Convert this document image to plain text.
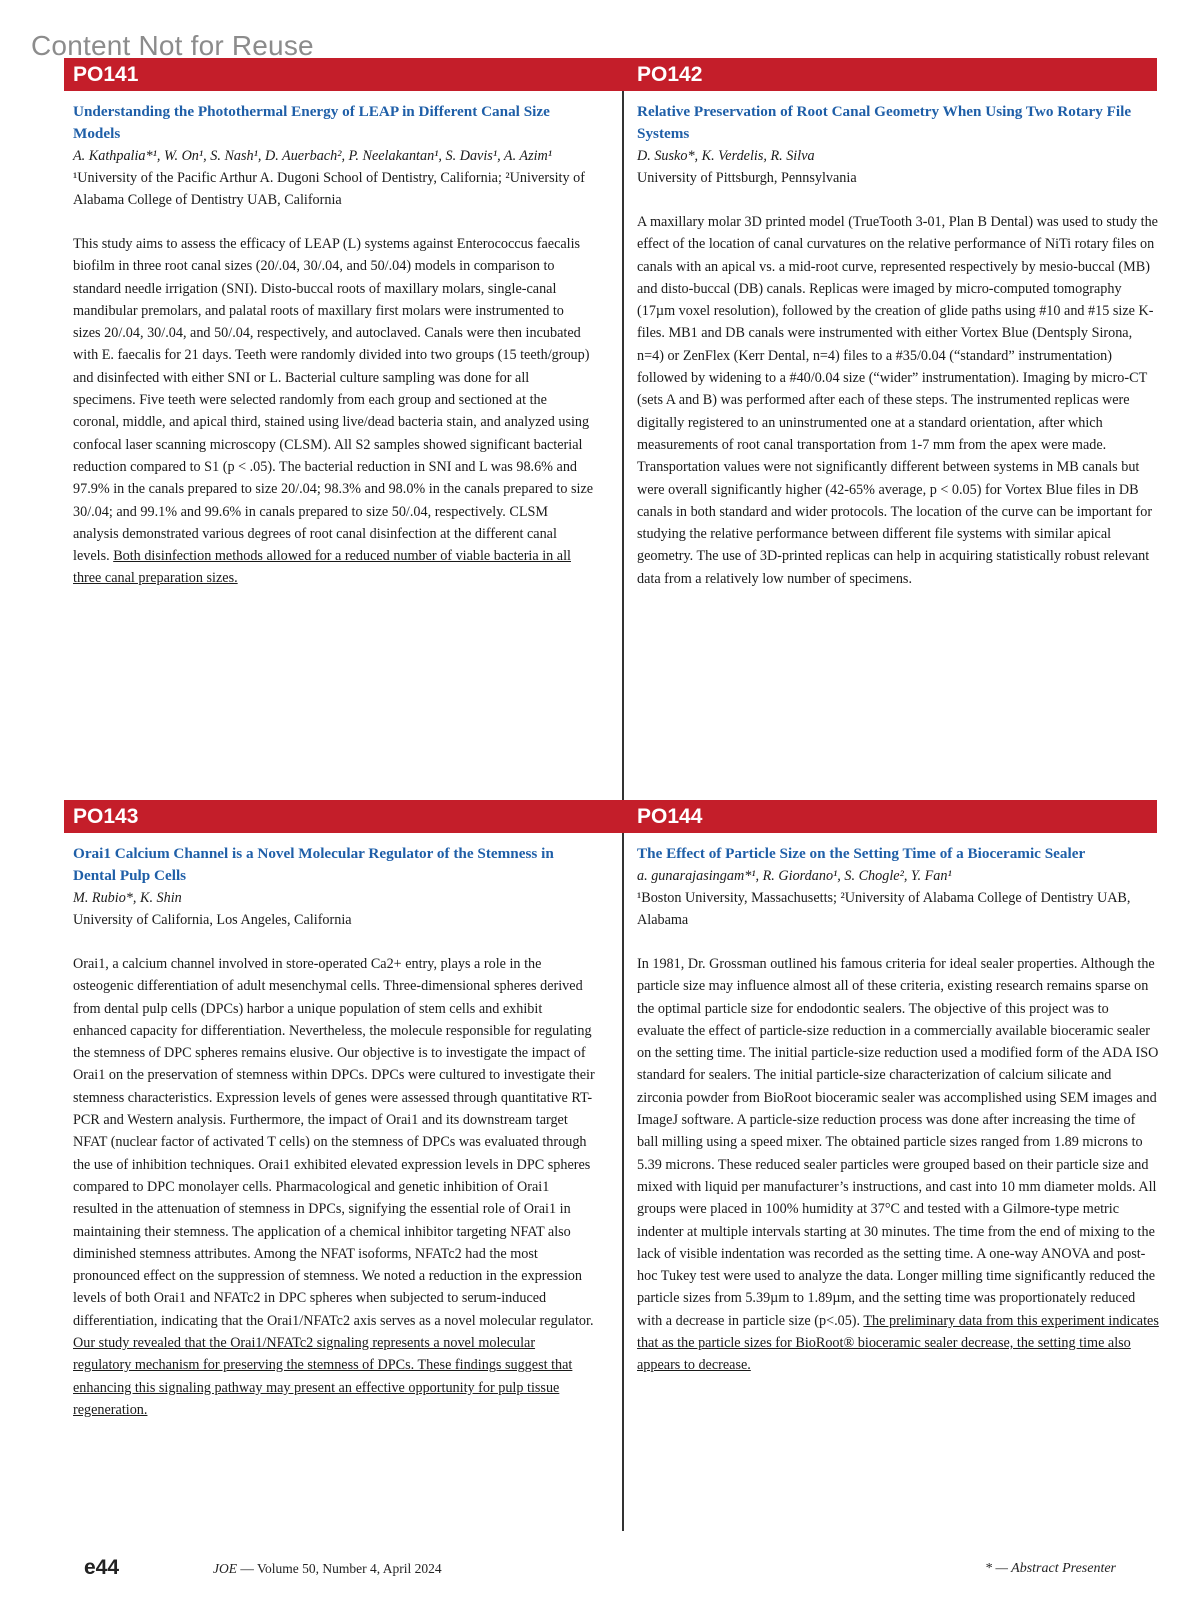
Content Not for Reuse
PO141
Understanding the Photothermal Energy of LEAP in Different Canal Size Models
A. Kathpalia*¹, W. On¹, S. Nash¹, D. Auerbach², P. Neelakantan¹, S. Davis¹, A. Azim¹
¹University of the Pacific Arthur A. Dugoni School of Dentistry, California; ²University of Alabama College of Dentistry UAB, California
This study aims to assess the efficacy of LEAP (L) systems against Enterococcus faecalis biofilm in three root canal sizes (20/.04, 30/.04, and 50/.04) models in comparison to standard needle irrigation (SNI). Disto-buccal roots of maxillary molars, single-canal mandibular premolars, and palatal roots of maxillary first molars were instrumented to sizes 20/.04, 30/.04, and 50/.04, respectively, and autoclaved. Canals were then incubated with E. faecalis for 21 days. Teeth were randomly divided into two groups (15 teeth/group) and disinfected with either SNI or L. Bacterial culture sampling was done for all specimens. Five teeth were selected randomly from each group and sectioned at the coronal, middle, and apical third, stained using live/dead bacteria stain, and analyzed using confocal laser scanning microscopy (CLSM). All S2 samples showed significant bacterial reduction compared to S1 (p < .05). The bacterial reduction in SNI and L was 98.6% and 97.9% in the canals prepared to size 20/.04; 98.3% and 98.0% in the canals prepared to size 30/.04; and 99.1% and 99.6% in canals prepared to size 50/.04, respectively. CLSM analysis demonstrated various degrees of root canal disinfection at the different canal levels. Both disinfection methods allowed for a reduced number of viable bacteria in all three canal preparation sizes.
PO142
Relative Preservation of Root Canal Geometry When Using Two Rotary File Systems
D. Susko*, K. Verdelis, R. Silva
University of Pittsburgh, Pennsylvania
A maxillary molar 3D printed model (TrueTooth 3-01, Plan B Dental) was used to study the effect of the location of canal curvatures on the relative performance of NiTi rotary files on canals with an apical vs. a mid-root curve, represented respectively by mesio-buccal (MB) and disto-buccal (DB) canals. Replicas were imaged by micro-computed tomography (17µm voxel resolution), followed by the creation of glide paths using #10 and #15 size K-files. MB1 and DB canals were instrumented with either Vortex Blue (Dentsply Sirona, n=4) or ZenFlex (Kerr Dental, n=4) files to a #35/0.04 (“standard” instrumentation) followed by widening to a #40/0.04 size (“wider” instrumentation). Imaging by micro-CT (sets A and B) was performed after each of these steps. The instrumented replicas were digitally registered to an uninstrumented one at a standard orientation, after which measurements of root canal transportation from 1-7 mm from the apex were made. Transportation values were not significantly different between systems in MB canals but were overall significantly higher (42-65% average, p < 0.05) for Vortex Blue files in DB canals in both standard and wider protocols. The location of the curve can be important for studying the relative performance between different file systems with similar apical geometry. The use of 3D-printed replicas can help in acquiring statistically robust relevant data from a relatively low number of specimens.
PO143
Orai1 Calcium Channel is a Novel Molecular Regulator of the Stemness in Dental Pulp Cells
M. Rubio*, K. Shin
University of California, Los Angeles, California
Orai1, a calcium channel involved in store-operated Ca2+ entry, plays a role in the osteogenic differentiation of adult mesenchymal cells. Three-dimensional spheres derived from dental pulp cells (DPCs) harbor a unique population of stem cells and exhibit enhanced capacity for differentiation. Nevertheless, the molecule responsible for regulating the stemness of DPC spheres remains elusive. Our objective is to investigate the impact of Orai1 on the preservation of stemness within DPCs. DPCs were cultured to investigate their stemness characteristics. Expression levels of genes were assessed through quantitative RT-PCR and Western analysis. Furthermore, the impact of Orai1 and its downstream target NFAT (nuclear factor of activated T cells) on the stemness of DPCs was evaluated through the use of inhibition techniques. Orai1 exhibited elevated expression levels in DPC spheres compared to DPC monolayer cells. Pharmacological and genetic inhibition of Orai1 resulted in the attenuation of stemness in DPCs, signifying the essential role of Orai1 in maintaining their stemness. The application of a chemical inhibitor targeting NFAT also diminished stemness attributes. Among the NFAT isoforms, NFATc2 had the most pronounced effect on the suppression of stemness. We noted a reduction in the expression levels of both Orai1 and NFATc2 in DPC spheres when subjected to serum-induced differentiation, indicating that the Orai1/NFATc2 axis serves as a novel molecular regulator. Our study revealed that the Orai1/NFATc2 signaling represents a novel molecular regulatory mechanism for preserving the stemness of DPCs. These findings suggest that enhancing this signaling pathway may present an effective opportunity for pulp tissue regeneration.
PO144
The Effect of Particle Size on the Setting Time of a Bioceramic Sealer
a. gunarajasingam*¹, R. Giordano¹, S. Chogle², Y. Fan¹
¹Boston University, Massachusetts; ²University of Alabama College of Dentistry UAB, Alabama
In 1981, Dr. Grossman outlined his famous criteria for ideal sealer properties. Although the particle size may influence almost all of these criteria, existing research remains sparse on the optimal particle size for endodontic sealers. The objective of this project was to evaluate the effect of particle-size reduction in a commercially available bioceramic sealer on the setting time. The initial particle-size reduction used a modified form of the ADA ISO standard for sealers. The initial particle-size characterization of calcium silicate and zirconia powder from BioRoot bioceramic sealer was accomplished using SEM images and ImageJ software. A particle-size reduction process was done after increasing the time of ball milling using a speed mixer. The obtained particle sizes ranged from 1.89 microns to 5.39 microns. These reduced sealer particles were grouped based on their particle size and mixed with liquid per manufacturer’s instructions, and cast into 10 mm diameter molds. All groups were placed in 100% humidity at 37°C and tested with a Gilmore-type metric indenter at multiple intervals starting at 30 minutes. The time from the end of mixing to the lack of visible indentation was recorded as the setting time. A one-way ANOVA and post-hoc Tukey test were used to analyze the data. Longer milling time significantly reduced the particle sizes from 5.39µm to 1.89µm, and the setting time was proportionately reduced with a decrease in particle size (p<.05). The preliminary data from this experiment indicates that as the particle sizes for BioRoot® bioceramic sealer decrease, the setting time also appears to decrease.
e44	JOE — Volume 50, Number 4, April 2024	* — Abstract Presenter
